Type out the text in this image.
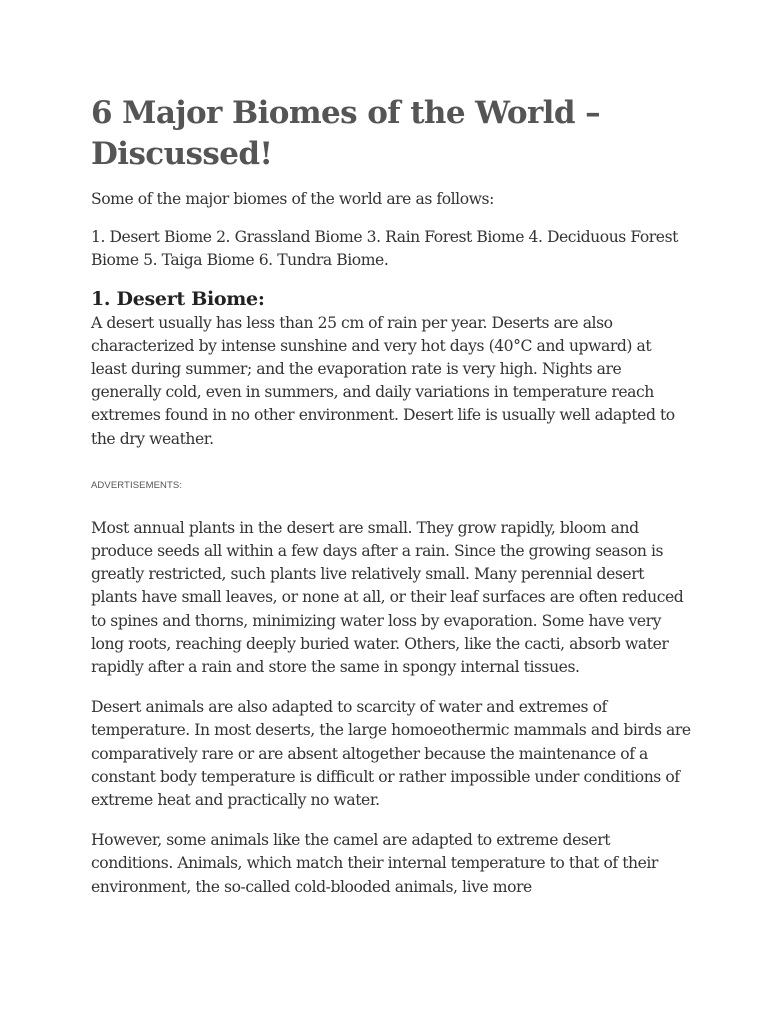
6 Major Biomes of the World – Discussed!

Some of the major biomes of the world are as follows:

1. Desert Biome 2. Grassland Biome 3. Rain Forest Biome 4. Deciduous Forest Biome 5. Taiga Biome 6. Tundra Biome.

1. Desert Biome:

A desert usually has less than 25 cm of rain per year. Deserts are also characterized by intense sunshine and very hot days (40°C and upward) at least during summer; and the evaporation rate is very high. Nights are generally cold, even in summers, and daily variations in temperature reach extremes found in no other environment. Desert life is usually well adapted to the dry weather.

ADVERTISEMENTS:

Most annual plants in the desert are small. They grow rapidly, bloom and produce seeds all within a few days after a rain. Since the growing season is greatly restricted, such plants live relatively small. Many perennial desert plants have small leaves, or none at all, or their leaf surfaces are often reduced to spines and thorns, minimizing water loss by evaporation. Some have very long roots, reaching deeply buried water. Others, like the cacti, absorb water rapidly after a rain and store the same in spongy internal tissues.

Desert animals are also adapted to scarcity of water and extremes of temperature. In most deserts, the large homoeothermic mammals and birds are comparatively rare or are absent altogether because the maintenance of a constant body temperature is difficult or rather impossible under conditions of extreme heat and practically no water.

However, some animals like the camel are adapted to extreme desert conditions. Animals, which match their internal temperature to that of their environment, the so-called cold-blooded animals, live more
